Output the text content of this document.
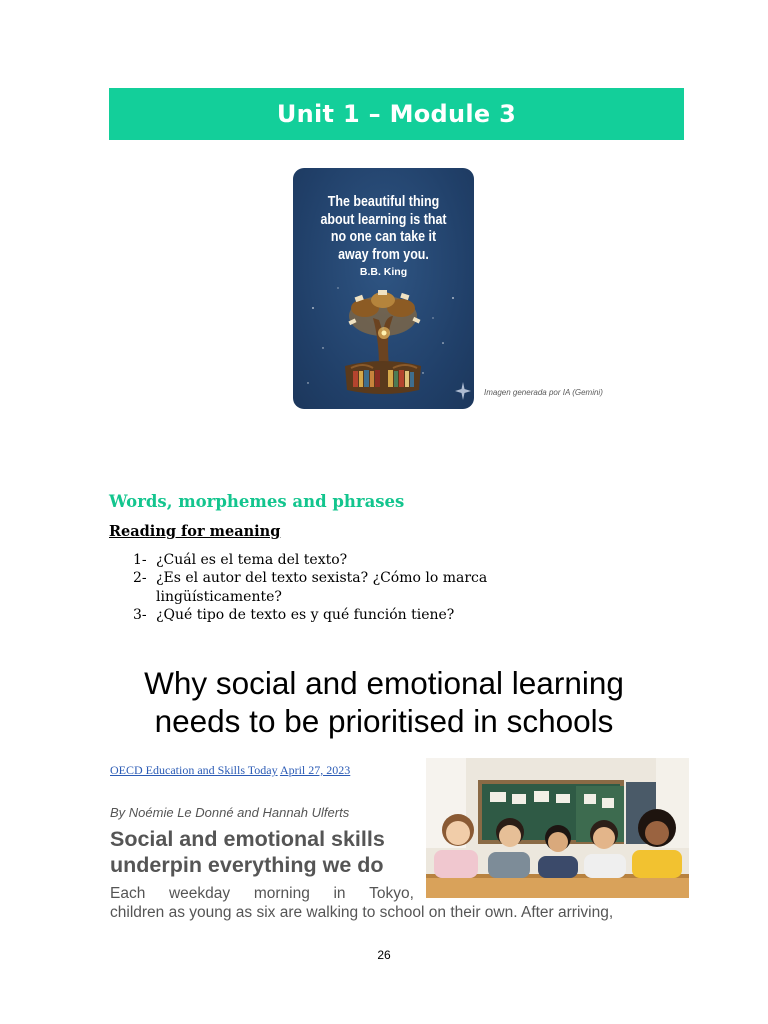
Unit 1 – Module 3
The beautiful thing
about learning is that
no one can take it
away from you.
B.B. King
Imagen generada por IA (Gemini)
Words, morphemes and phrases
Reading for meaning
1- ¿Cuál es el tema del texto?
2- ¿Es el autor del texto sexista? ¿Cómo lo marca
lingüísticamente?
3- ¿Qué tipo de texto es y qué función tiene?
Why social and emotional learning
needs to be prioritised in schools
OECD Education and Skills Today April 27, 2023
By Noémie Le Donné and Hannah Ulferts
Social and emotional skills
underpin everything we do
Each weekday morning in Tokyo,
children as young as six are walking to school on their own. After arriving,
26
